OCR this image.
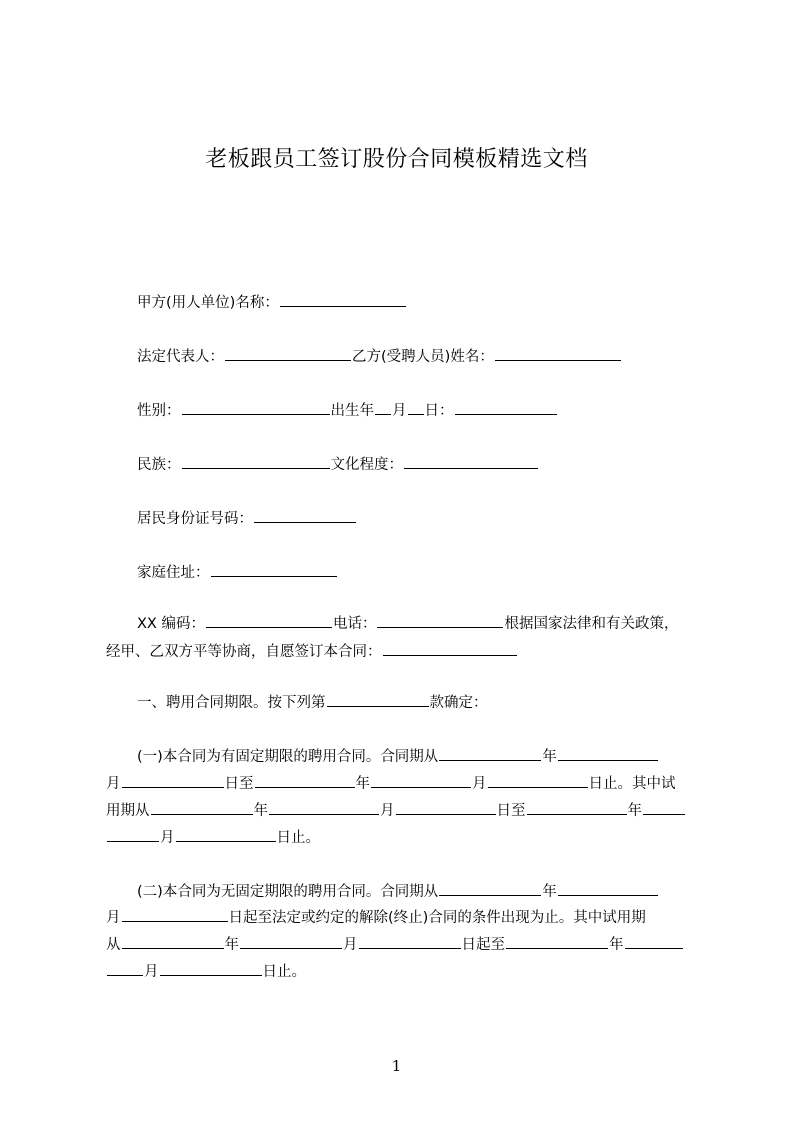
老板跟员工签订股份合同模板精选文档
甲方(用人单位)名称：
法定代表人：	乙方(受聘人员)姓名：
性别：	出生年 月 日：
民族：	文化程度：
居民身份证号码：
家庭住址：
XX 编码：	电话：	根据国家法律和有关政策，
经甲、乙双方平等协商，自愿签订本合同：
一、聘用合同期限。按下列第	款确定：
(一)本合同为有固定期限的聘用合同。合同期从	年
月	日至	年	月	日止。其中试
用期从	年	月	日至	年
月	日止。
(二)本合同为无固定期限的聘用合同。合同期从	年
月	日起至法定或约定的解除(终止)合同的条件出现为止。其中试用期
从	年	月	日起至	年
月	日止。
1
